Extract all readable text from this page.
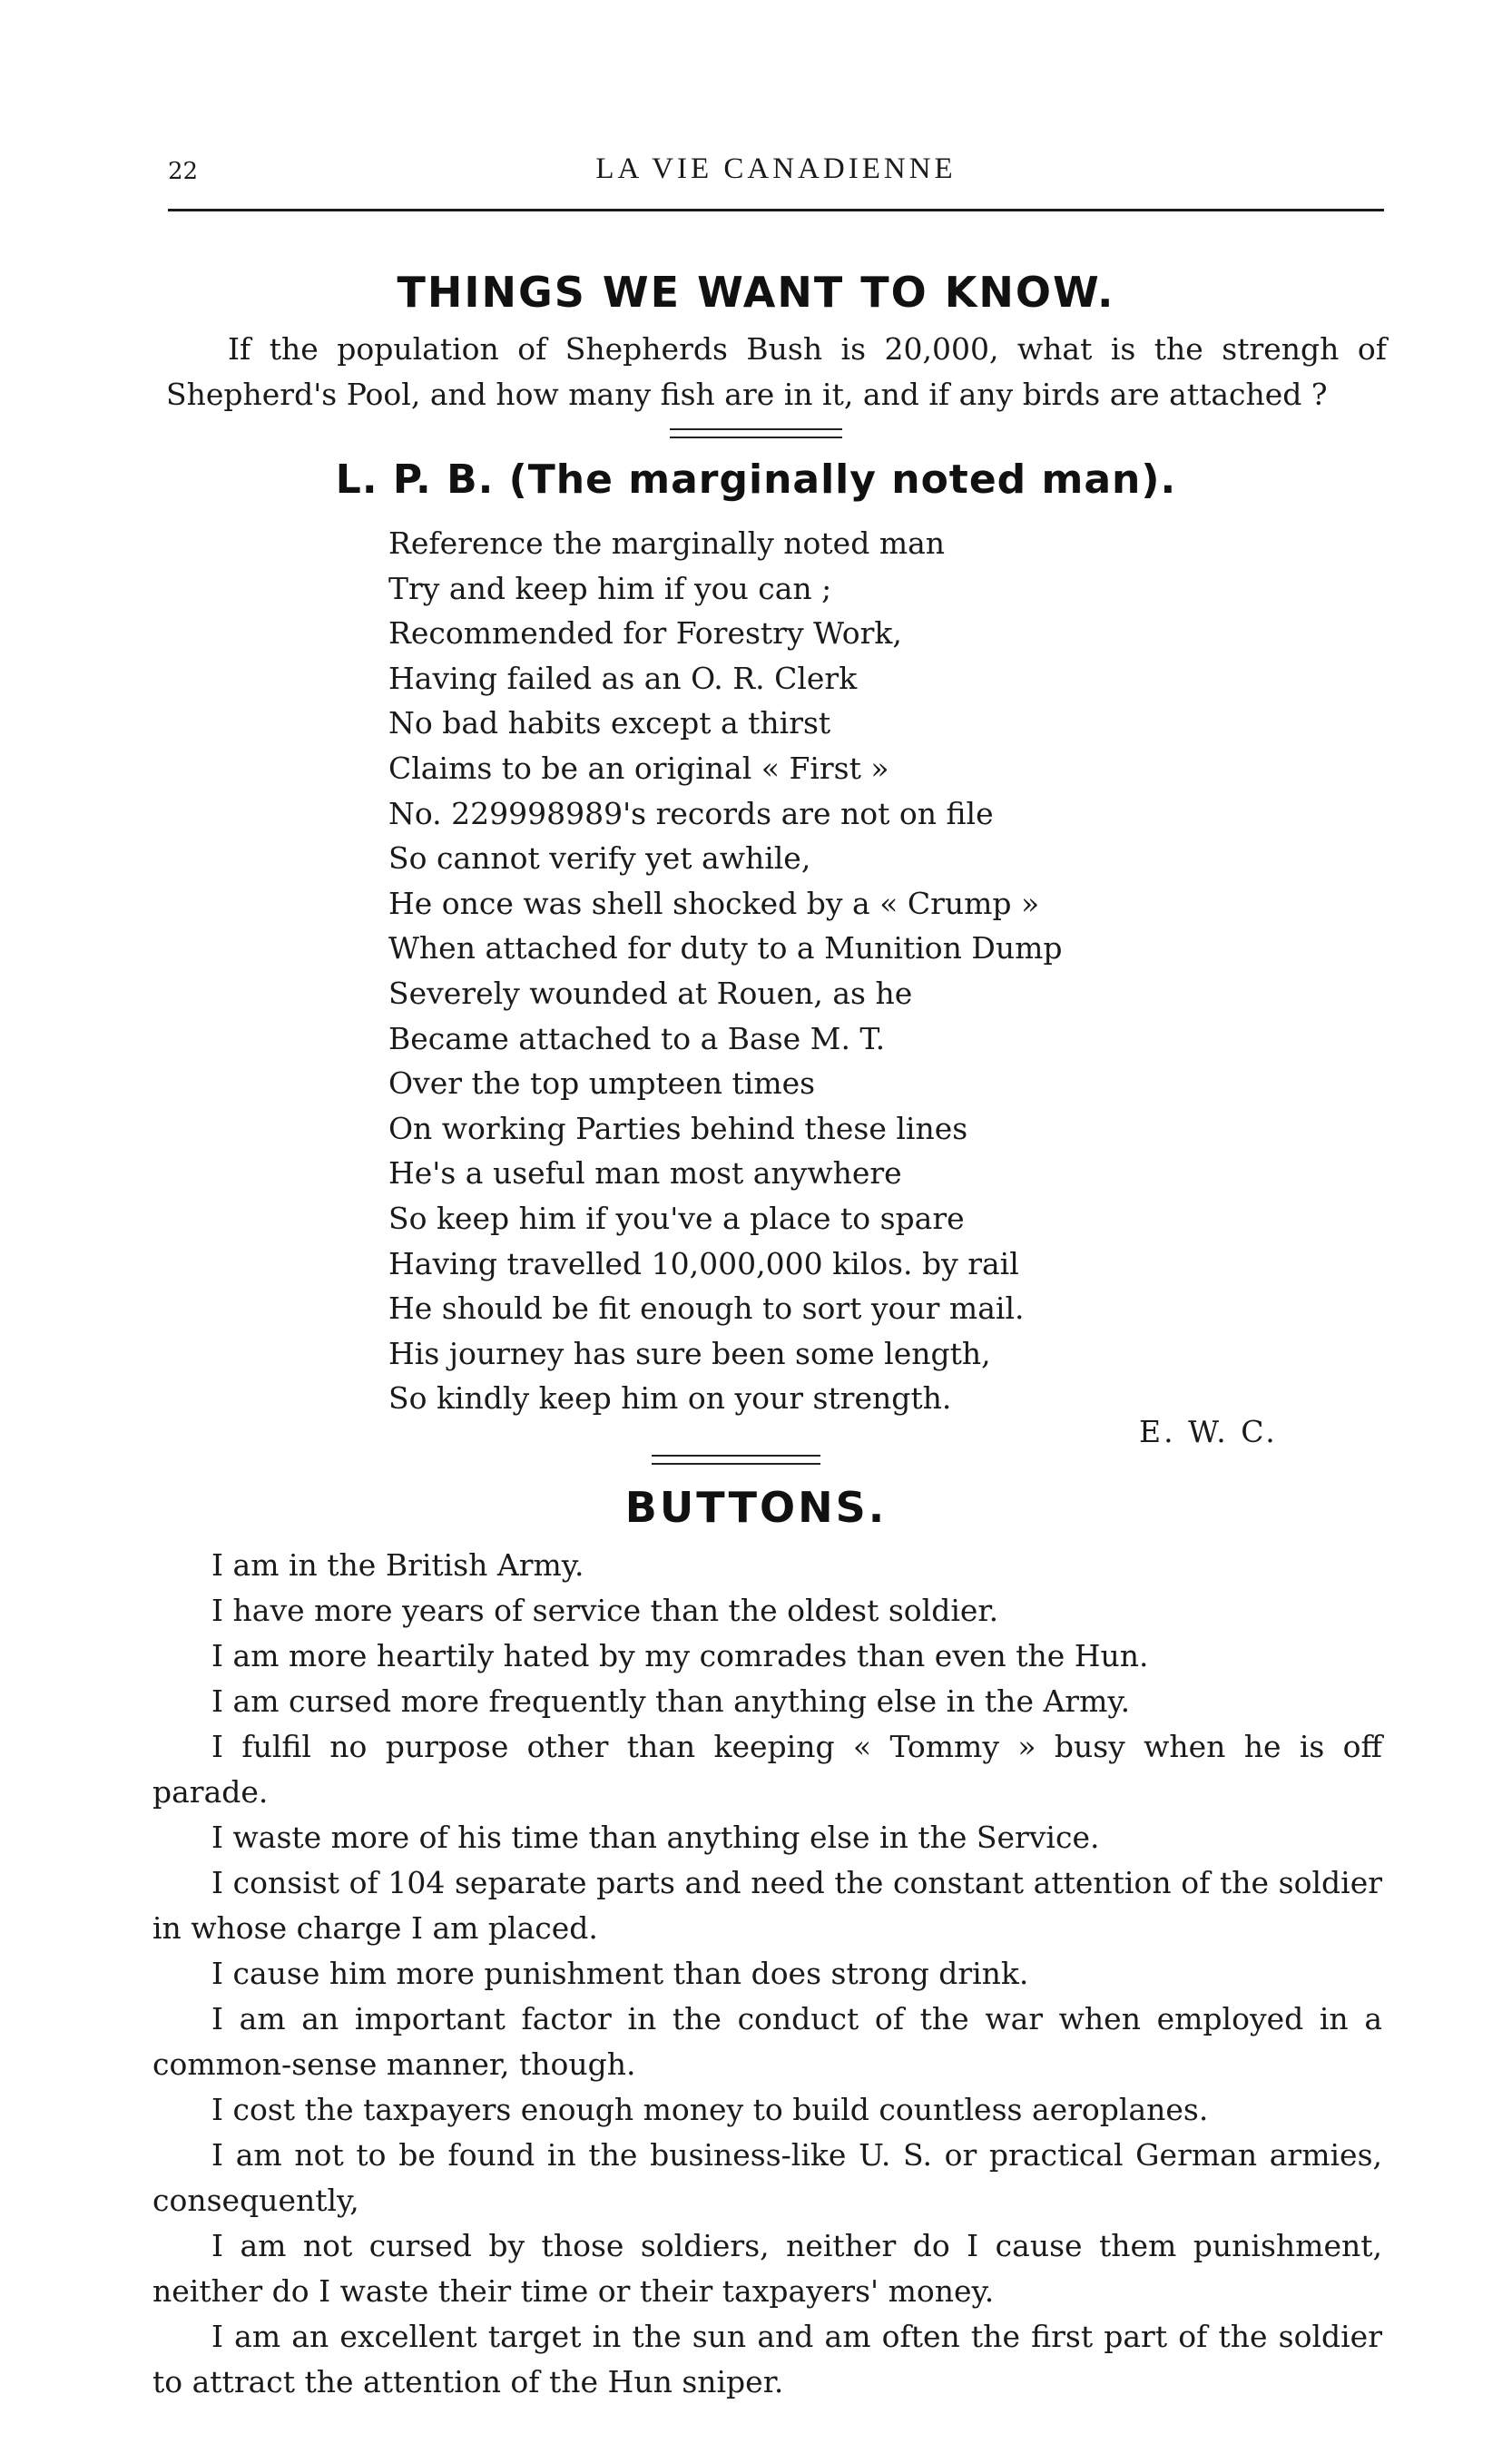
22	LA VIE CANADIENNE
THINGS WE WANT TO KNOW.

If the population of Shepherds Bush is 20,000, what is the strengh of Shepherd's Pool, and how many fish are in it, and if any birds are attached ?

L. P. B. (The marginally noted man).
Reference the marginally noted man
Try and keep him if you can ;
Recommended for Forestry Work,
Having failed as an O. R. Clerk
No bad habits except a thirst
Claims to be an original « First »
No. 229998989's records are not on file
So cannot verify yet awhile,
He once was shell shocked by a « Crump »
When attached for duty to a Munition Dump
Severely wounded at Rouen, as he
Became attached to a Base M. T.
Over the top umpteen times
On working Parties behind these lines
He's a useful man most anywhere
So keep him if you've a place to spare
Having travelled 10,000,000 kilos. by rail
He should be fit enough to sort your mail.
His journey has sure been some length,
So kindly keep him on your strength.
E. W. C.
BUTTONS.

I am in the British Army.

I have more years of service than the oldest soldier.

I am more heartily hated by my comrades than even the Hun.

I am cursed more frequently than anything else in the Army.

I fulfil no purpose other than keeping « Tommy » busy when he is off parade.

I waste more of his time than anything else in the Service.

I consist of 104 separate parts and need the constant attention of the soldier in whose charge I am placed.

I cause him more punishment than does strong drink.

I am an important factor in the conduct of the war when employed in a common-sense manner, though.

I cost the taxpayers enough money to build countless aeroplanes.

I am not to be found in the business-like U. S. or practical German armies, consequently,

I am not cursed by those soldiers, neither do I cause them punishment, neither do I waste their time or their taxpayers' money.

I am an excellent target in the sun and am often the first part of the soldier to attract the attention of the Hun sniper.
